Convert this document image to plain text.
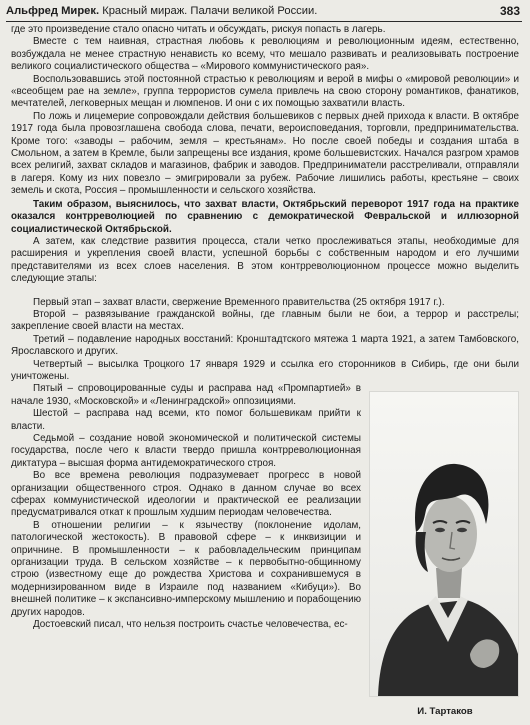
Альфред Мирек. Красный мираж. Палачи великой России.	383

где это произведение стало опасно читать и обсуждать, рискуя попасть в лагерь.

Вместе с тем наивная, страстная любовь к революциям и революционным идеям, естественно, возбуждала не менее страстную ненависть ко всему, что мешало развивать и реализовывать построение великого социалистического общества – «Мирового коммунистического рая».

Воспользовавшись этой постоянной страстью к революциям и верой в мифы о «мировой революции» и «всеобщем рае на земле», группа террористов сумела привлечь на свою сторону романтиков, фанатиков, мечтателей, легковерных мещан и люмпенов. И они с их помощью захватили власть.

По ложь и лицемерие сопровождали действия большевиков с первых дней прихода к власти. В октябре 1917 года была провозглашена свобода слова, печати, вероисповедания, торговли, предпринимательства. Кроме того: «заводы – рабочим, земля – крестьянам». Но после своей победы и создания штаба в Смольном, а затем в Кремле, были запрещены все издания, кроме большевистских. Начался разгром храмов всех религий, захват складов и магазинов, фабрик и заводов. Предприниматели расстреливали, отправляли в лагеря. Кому из них повезло – эмигрировали за рубеж. Рабочие лишились работы, крестьяне – своих земель и скота, Россия – промышленности и сельского хозяйства.

Таким образом, выяснилось, что захват власти, Октябрьский переворот 1917 года на практике оказался контрреволюцией по сравнению с демократической Февральской и иллюзорной социалистической Октябрьской.

А затем, как следствие развития процесса, стали четко прослеживаться этапы, необходимые для расширения и укрепления своей власти, успешной борьбы с собственным народом и его лучшими представителями из всех слоев населения. В этом контрреволюционном процессе можно выделить следующие этапы:

Первый этап – захват власти, свержение Временного правительства (25 октября 1917 г.).

Второй – развязывание гражданской войны, где главным были не бои, а террор и расстрелы; закрепление своей власти на местах.

Третий – подавление народных восстаний: Кронштадтского мятежа 1 марта 1921, а затем Тамбовского, Ярославского и других.

Четвертый – высылка Троцкого 17 января 1929 и ссылка его сторонников в Сибирь, где они были уничтожены.

И. Тартаков

Пятый – спровоцированные суды и расправа над «Промпартией» в начале 1930, «Московской» и «Ленинградской» оппозициями.

Шестой – расправа над всеми, кто помог большевикам прийти к власти.

Седьмой – создание новой экономической и политической системы государства, после чего к власти твердо пришла контрреволюционная диктатура – высшая форма антидемократического строя.

Во все времена революция подразумевает прогресс в новой организации общественного строя. Однако в данном случае во всех сферах коммунистической идеологии и практической ее реализации предусматривался откат к прошлым худшим периодам человечества.

В отношении религии – к язычеству (поклонение идолам, патологической жестокость). В правовой сфере – к инквизиции и опричнине. В промышленности – к рабовладельческим принципам организации труда. В сельском хозяйстве – к первобытно-общинному строю (известному еще до рождества Христова и сохранившемуся в модернизированном виде в Израиле под названием «Кибуци»). Во внешней политике – к экспансивно-имперскому мышлению и порабощению других народов.

Достоевский писал, что нельзя построить счастье человечества, ес-
